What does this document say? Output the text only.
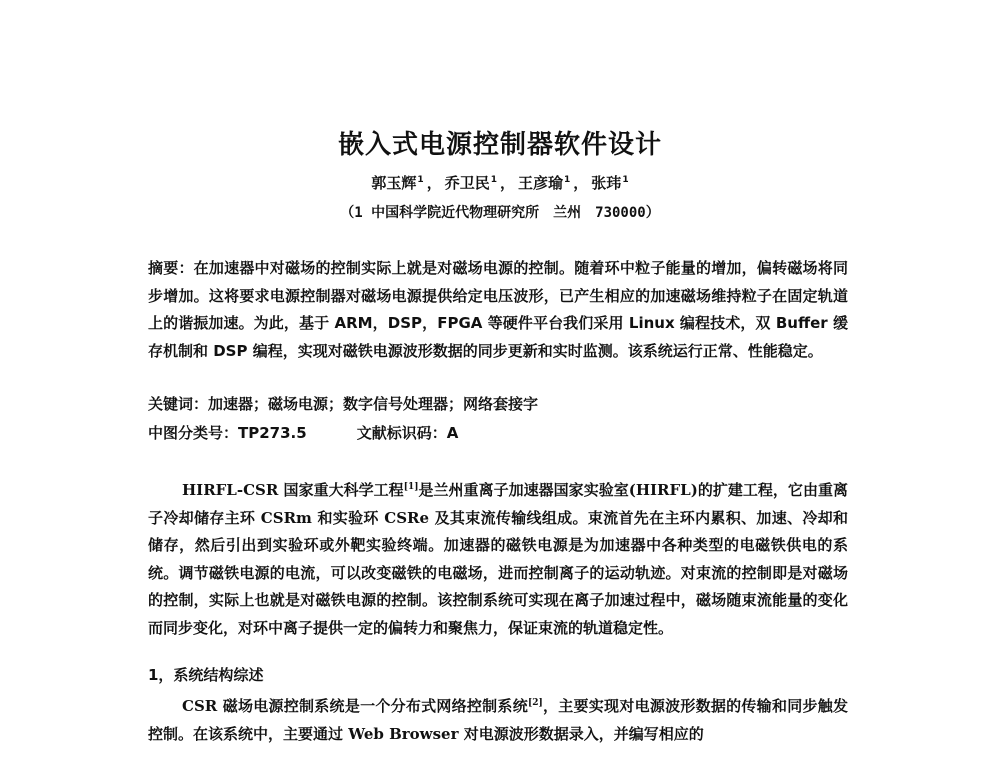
嵌入式电源控制器软件设计
郭玉辉$^1$ ， 乔卫民$^1$ ， 王彦瑜$^1$ ， 张玮$^1$
（1 中国科学院近代物理研究所　兰州　730000）
摘要：在加速器中对磁场的控制实际上就是对磁场电源的控制。随着环中粒子能量的增加，偏转磁场将同步增加。这将要求电源控制器对磁场电源提供给定电压波形，已产生相应的加速磁场维持粒子在固定轨道上的谐振加速。为此，基于 ARM，DSP，FPGA 等硬件平台我们采用 Linux 编程技术，双 Buffer 缓存机制和 DSP 编程，实现对磁铁电源波形数据的同步更新和实时监测。该系统运行正常、性能稳定。
关键词：加速器；磁场电源；数字信号处理器；网络套接字
中图分类号：TP273.5	文献标识码：A
HIRFL-CSR 国家重大科学工程[1]是兰州重离子加速器国家实验室(HIRFL)的扩建工程，它由重离子冷却储存主环 CSRm 和实验环 CSRe 及其束流传输线组成。束流首先在主环内累积、加速、冷却和储存，然后引出到实验环或外靶实验终端。加速器的磁铁电源是为加速器中各种类型的电磁铁供电的系统。调节磁铁电源的电流，可以改变磁铁的电磁场，进而控制离子的运动轨迹。对束流的控制即是对磁场的控制，实际上也就是对磁铁电源的控制。该控制系统可实现在离子加速过程中，磁场随束流能量的变化而同步变化，对环中离子提供一定的偏转力和聚焦力，保证束流的轨道稳定性。
1，系统结构综述
CSR 磁场电源控制系统是一个分布式网络控制系统[2]，主要实现对电源波形数据的传输和同步触发控制。在该系统中，主要通过 Web Browser 对电源波形数据录入，并编写相应的
